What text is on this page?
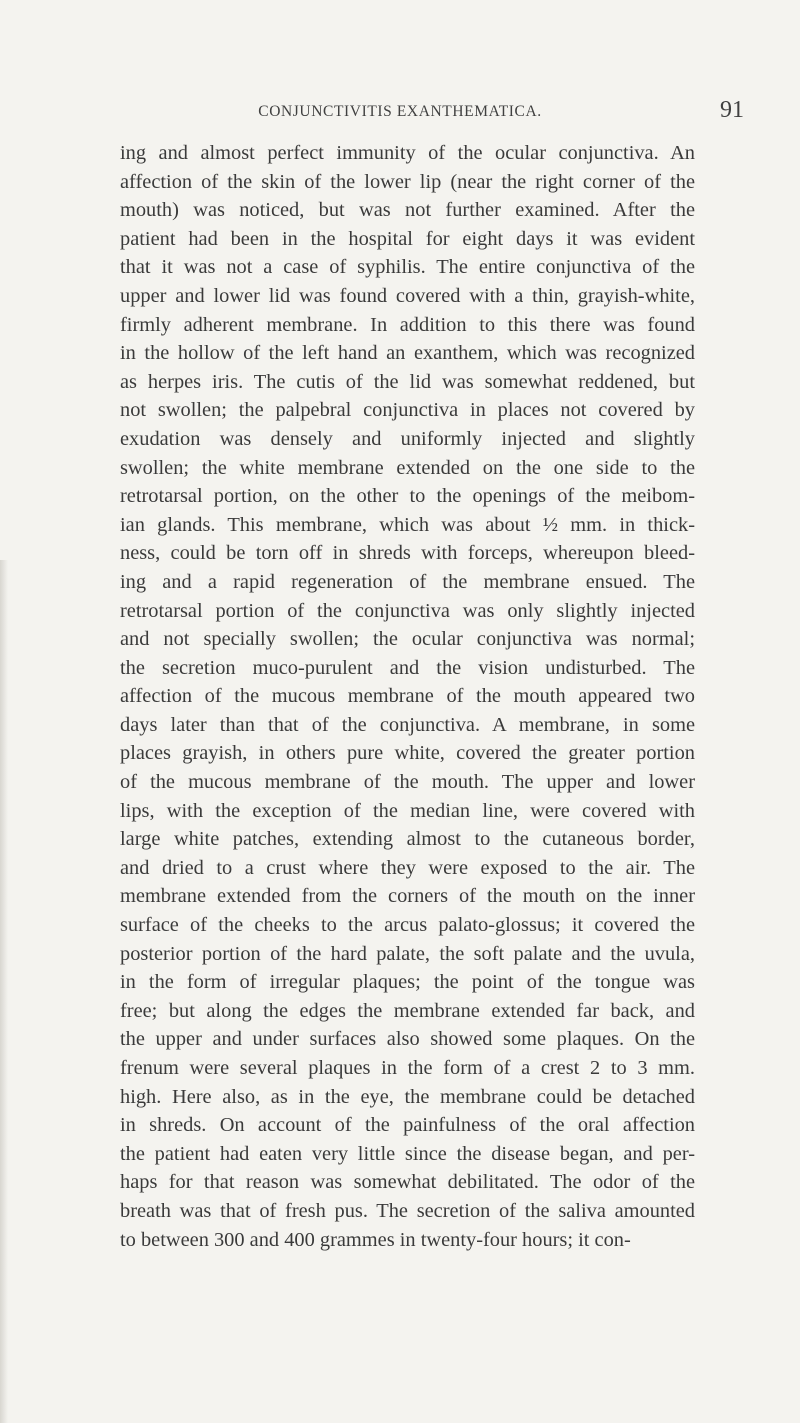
CONJUNCTIVITIS EXANTHEMATICA.	91
ing and almost perfect immunity of the ocular conjunctiva. An
affection of the skin of the lower lip (near the right corner of the
mouth) was noticed, but was not further examined. After the
patient had been in the hospital for eight days it was evident
that it was not a case of syphilis. The entire conjunctiva of the
upper and lower lid was found covered with a thin, grayish-white,
firmly adherent membrane. In addition to this there was found
in the hollow of the left hand an exanthem, which was recognized
as herpes iris. The cutis of the lid was somewhat reddened, but
not swollen; the palpebral conjunctiva in places not covered by
exudation was densely and uniformly injected and slightly
swollen; the white membrane extended on the one side to the
retrotarsal portion, on the other to the openings of the meibom-
ian glands. This membrane, which was about ½ mm. in thick-
ness, could be torn off in shreds with forceps, whereupon bleed-
ing and a rapid regeneration of the membrane ensued. The
retrotarsal portion of the conjunctiva was only slightly injected
and not specially swollen; the ocular conjunctiva was normal;
the secretion muco-purulent and the vision undisturbed. The
affection of the mucous membrane of the mouth appeared two
days later than that of the conjunctiva. A membrane, in some
places grayish, in others pure white, covered the greater portion
of the mucous membrane of the mouth. The upper and lower
lips, with the exception of the median line, were covered with
large white patches, extending almost to the cutaneous border,
and dried to a crust where they were exposed to the air. The
membrane extended from the corners of the mouth on the inner
surface of the cheeks to the arcus palato-glossus; it covered the
posterior portion of the hard palate, the soft palate and the uvula,
in the form of irregular plaques; the point of the tongue was
free; but along the edges the membrane extended far back, and
the upper and under surfaces also showed some plaques. On the
frenum were several plaques in the form of a crest 2 to 3 mm.
high. Here also, as in the eye, the membrane could be detached
in shreds. On account of the painfulness of the oral affection
the patient had eaten very little since the disease began, and per-
haps for that reason was somewhat debilitated. The odor of the
breath was that of fresh pus. The secretion of the saliva amounted
to between 300 and 400 grammes in twenty-four hours; it con-
